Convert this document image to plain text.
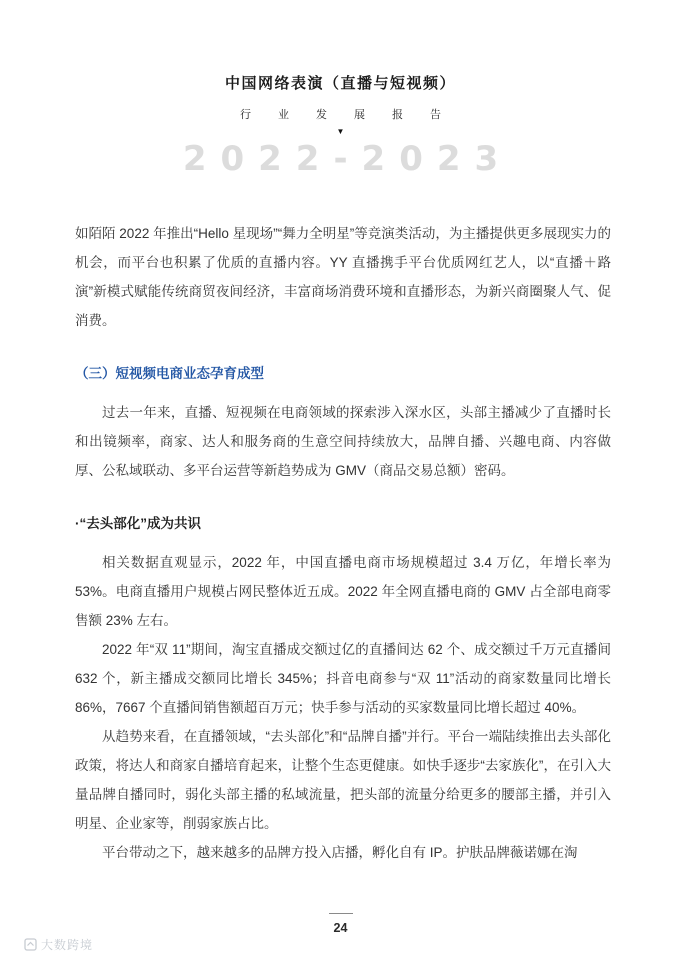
中国网络表演（直播与短视频）
行业发展报告
▼
2022-2023

如陌陌 2022 年推出“Hello 星现场”“舞力全明星”等竞演类活动，为主播提供更多展现实力的机会，而平台也积累了优质的直播内容。YY 直播携手平台优质网红艺人，以“直播＋路演”新模式赋能传统商贸夜间经济，丰富商场消费环境和直播形态，为新兴商圈聚人气、促消费。

（三）短视频电商业态孕育成型

过去一年来，直播、短视频在电商领域的探索涉入深水区，头部主播减少了直播时长和出镜频率，商家、达人和服务商的生意空间持续放大，品牌自播、兴趣电商、内容做厚、公私域联动、多平台运营等新趋势成为 GMV（商品交易总额）密码。

·“去头部化”成为共识

相关数据直观显示，2022 年，中国直播电商市场规模超过 3.4 万亿，年增长率为 53%。电商直播用户规模占网民整体近五成。2022 年全网直播电商的 GMV 占全部电商零售额 23% 左右。

2022 年“双 11”期间，淘宝直播成交额过亿的直播间达 62 个、成交额过千万元直播间 632 个，新主播成交额同比增长 345%；抖音电商参与“双 11”活动的商家数量同比增长 86%，7667 个直播间销售额超百万元；快手参与活动的买家数量同比增长超过 40%。

从趋势来看，在直播领域，“去头部化”和“品牌自播”并行。平台一端陆续推出去头部化政策，将达人和商家自播培育起来，让整个生态更健康。如快手逐步“去家族化”，在引入大量品牌自播同时，弱化头部主播的私域流量，把头部的流量分给更多的腰部主播，并引入明星、企业家等，削弱家族占比。

平台带动之下，越来越多的品牌方投入店播，孵化自有 IP。护肤品牌薇诺娜在淘

24
大数跨境
